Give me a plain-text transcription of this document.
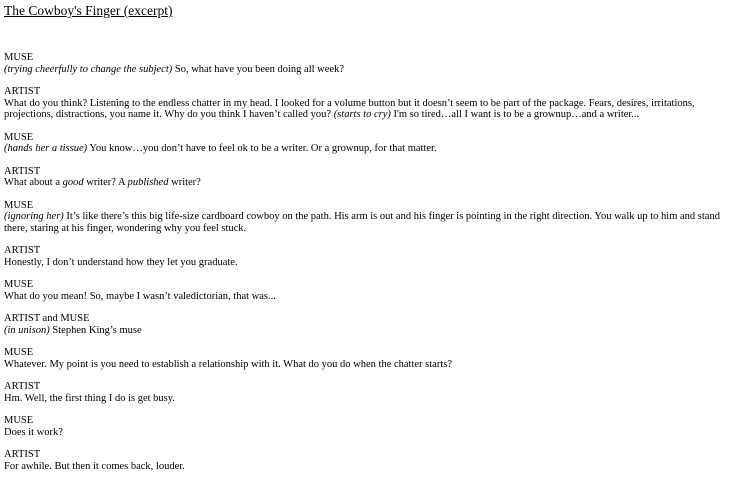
The Cowboy's Finger (excerpt)
MUSE
(trying cheerfully to change the subject) So, what have you been doing all week?
ARTIST
What do you think? Listening to the endless chatter in my head. I looked for a volume button but it doesn’t seem to be part of the package. Fears, desires, irritations, projections, distractions, you name it. Why do you think I haven’t called you? (starts to cry) I'm so tired…all I want is to be a grownup…and a writer...
MUSE
(hands her a tissue) You know…you don’t have to feel ok to be a writer. Or a grownup, for that matter.
ARTIST
What about a good writer? A published writer?
MUSE
(ignoring her) It’s like there’s this big life-size cardboard cowboy on the path. His arm is out and his finger is pointing in the right direction. You walk up to him and stand there, staring at his finger, wondering why you feel stuck.
ARTIST
Honestly, I don’t understand how they let you graduate.
MUSE
What do you mean! So, maybe I wasn’t valedictorian, that was...
ARTIST and MUSE
(in unison) Stephen King’s muse
MUSE
Whatever. My point is you need to establish a relationship with it. What do you do when the chatter starts?
ARTIST
Hm. Well, the first thing I do is get busy.
MUSE
Does it work?
ARTIST
For awhile. But then it comes back, louder.
